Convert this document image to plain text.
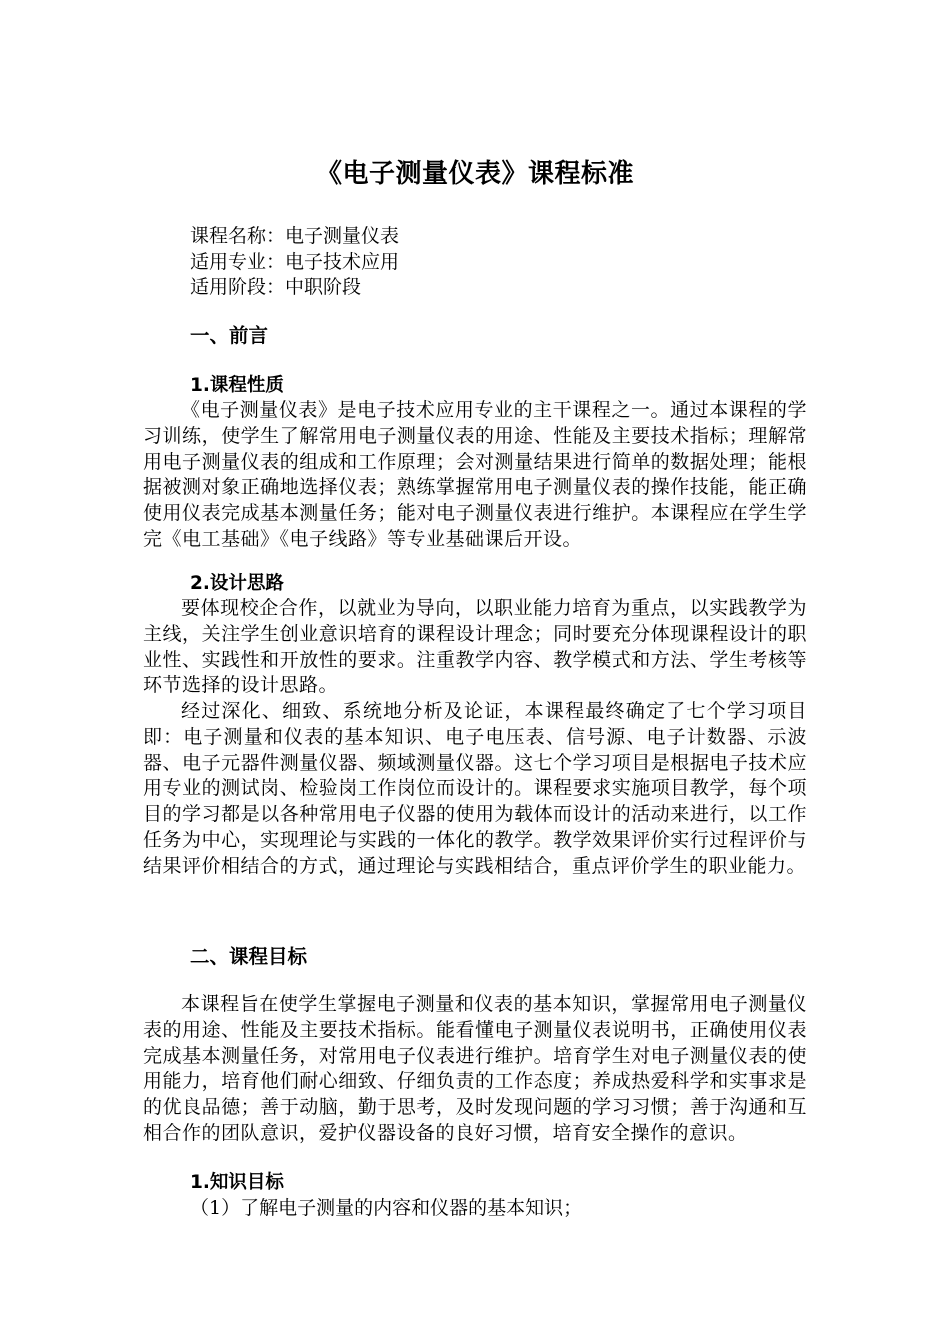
《电子测量仪表》课程标准
课程名称：电子测量仪表
适用专业：电子技术应用
适用阶段：中职阶段
一、前言
1.课程性质

《电子测量仪表》是电子技术应用专业的主干课程之一。通过本课程的学习训练，使学生了解常用电子测量仪表的用途、性能及主要技术指标；理解常用电子测量仪表的组成和工作原理；会对测量结果进行简单的数据处理；能根据被测对象正确地选择仪表；熟练掌握常用电子测量仪表的操作技能，能正确使用仪表完成基本测量任务；能对电子测量仪表进行维护。本课程应在学生学完《电工基础》《电子线路》等专业基础课后开设。

2.设计思路

要体现校企合作，以就业为导向，以职业能力培育为重点，以实践教学为主线，关注学生创业意识培育的课程设计理念；同时要充分体现课程设计的职业性、实践性和开放性的要求。注重教学内容、教学模式和方法、学生考核等环节选择的设计思路。

经过深化、细致、系统地分析及论证，本课程最终确定了七个学习项目即：电子测量和仪表的基本知识、电子电压表、信号源、电子计数器、示波器、电子元器件测量仪器、频域测量仪器。这七个学习项目是根据电子技术应用专业的测试岗、检验岗工作岗位而设计的。课程要求实施项目教学，每个项目的学习都是以各种常用电子仪器的使用为载体而设计的活动来进行，以工作任务为中心，实现理论与实践的一体化的教学。教学效果评价实行过程评价与结果评价相结合的方式，通过理论与实践相结合，重点评价学生的职业能力。

二、课程目标

本课程旨在使学生掌握电子测量和仪表的基本知识，掌握常用电子测量仪表的用途、性能及主要技术指标。能看懂电子测量仪表说明书，正确使用仪表完成基本测量任务，对常用电子仪表进行维护。培育学生对电子测量仪表的使用能力，培育他们耐心细致、仔细负责的工作态度；养成热爱科学和实事求是的优良品德；善于动脑，勤于思考，及时发现问题的学习习惯；善于沟通和互相合作的团队意识，爱护仪器设备的良好习惯，培育安全操作的意识。

1.知识目标
（1）了解电子测量的内容和仪器的基本知识；
